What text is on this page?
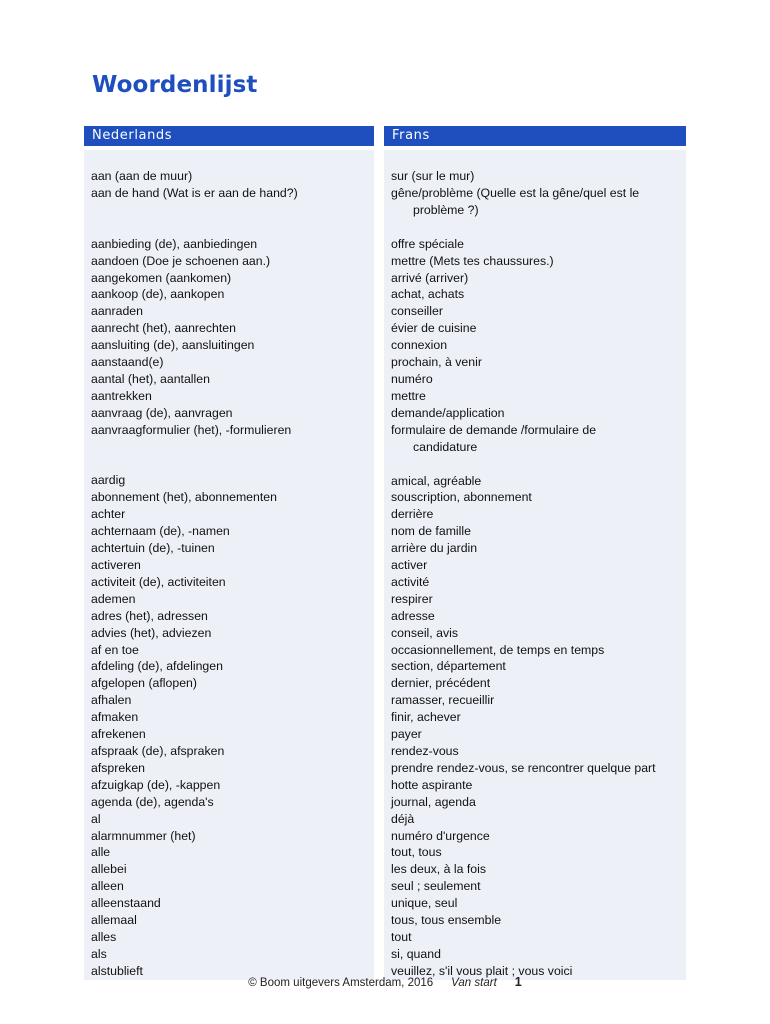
Woordenlijst
Nederlands
aan (aan de muur)
aan de hand (Wat is er aan de hand?)
aanbieding (de), aanbiedingen
aandoen (Doe je schoenen aan.)
aangekomen (aankomen)
aankoop (de), aankopen
aanraden
aanrecht (het), aanrechten
aansluiting (de), aansluitingen
aanstaand(e)
aantal (het), aantallen
aantrekken
aanvraag (de), aanvragen
aanvraagformulier (het), -formulieren
aardig
abonnement (het), abonnementen
achter
achternaam (de), -namen
achtertuin (de), -tuinen
activeren
activiteit (de), activiteiten
ademen
adres (het), adressen
advies (het), adviezen
af en toe
afdeling (de), afdelingen
afgelopen (aflopen)
afhalen
afmaken
afrekenen
afspraak (de), afspraken
afspreken
afzuigkap (de), -kappen
agenda (de), agenda's
al
alarmnummer (het)
alle
allebei
alleen
alleenstaand
allemaal
alles
als
alstublieft
Frans
sur (sur le mur)
gêne/problème (Quelle est la gêne/quel est le
problème ?)
offre spéciale
mettre (Mets tes chaussures.)
arrivé (arriver)
achat, achats
conseiller
évier de cuisine
connexion
prochain, à venir
numéro
mettre
demande/application
formulaire de demande /formulaire de
candidature
amical, agréable
souscription, abonnement
derrière
nom de famille
arrière du jardin
activer
activité
respirer
adresse
conseil, avis
occasionnellement, de temps en temps
section, département
dernier, précédent
ramasser, recueillir
finir, achever
payer
rendez-vous
prendre rendez-vous, se rencontrer quelque part
hotte aspirante
journal, agenda
déjà
numéro d'urgence
tout, tous
les deux, à la fois
seul ; seulement
unique, seul
tous, tous ensemble
tout
si, quand
veuillez, s'il vous plait ; vous voici
© Boom uitgevers Amsterdam, 2016 Van start 1
